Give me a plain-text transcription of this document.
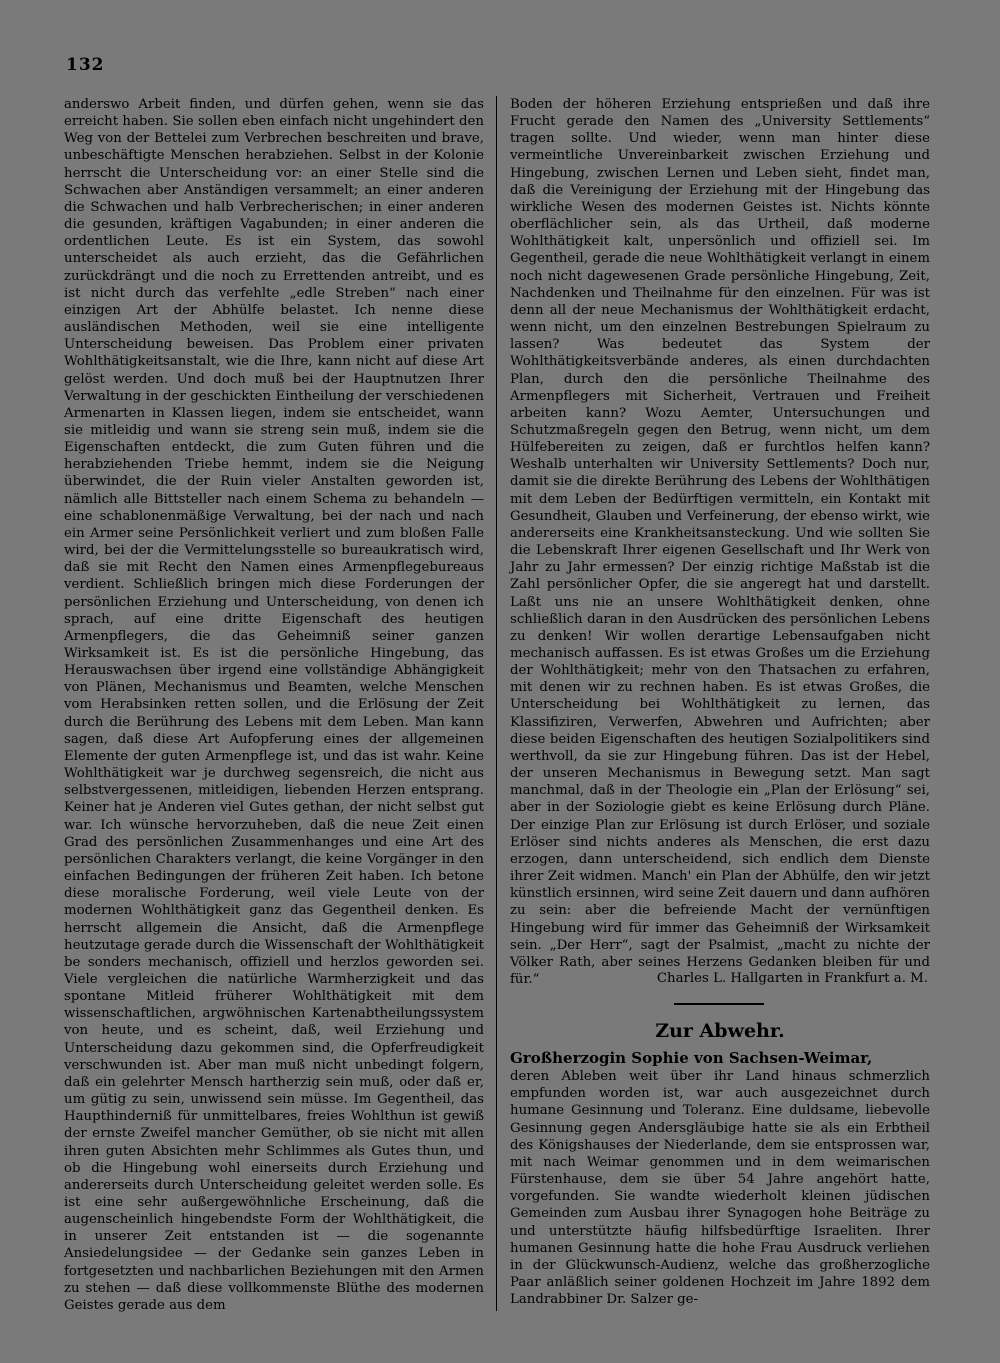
132

anderswo Arbeit finden, und dürfen gehen, wenn sie das erreicht haben. Sie sollen eben einfach nicht ungehindert den Weg von der Bettelei zum Verbrechen beschreiten und brave, unbeschäftigte Menschen herabziehen. Selbst in der Kolonie herrscht die Unterscheidung vor: an einer Stelle sind die Schwachen aber Anständigen versammelt; an einer anderen die Schwachen und halb Verbrecherischen; in einer anderen die gesunden, kräftigen Vagabunden; in einer anderen die ordentlichen Leute. Es ist ein System, das sowohl unterscheidet als auch erzieht, das die Gefährlichen zurückdrängt und die noch zu Errettenden antreibt, und es ist nicht durch das verfehlte „edle Streben“ nach einer einzigen Art der Abhülfe belastet. Ich nenne diese ausländischen Methoden, weil sie eine intelligente Unterscheidung beweisen. Das Problem einer privaten Wohlthätigkeitsanstalt, wie die Ihre, kann nicht auf diese Art gelöst werden. Und doch muß bei der Hauptnutzen Ihrer Verwaltung in der geschickten Eintheilung der verschiedenen Armenarten in Klassen liegen, indem sie entscheidet, wann sie mitleidig und wann sie streng sein muß, indem sie die Eigenschaften entdeckt, die zum Guten führen und die herabziehenden Triebe hemmt, indem sie die Neigung überwindet, die der Ruin vieler Anstalten geworden ist, nämlich alle Bittsteller nach einem Schema zu behandeln — eine schablonenmäßige Verwaltung, bei der nach und nach ein Armer seine Persönlichkeit verliert und zum bloßen Falle wird, bei der die Vermittelungsstelle so bureaukratisch wird, daß sie mit Recht den Namen eines Armenpflegebureaus verdient. Schließlich bringen mich diese Forderungen der persönlichen Erziehung und Unterscheidung, von denen ich sprach, auf eine dritte Eigenschaft des heutigen Armenpflegers, die das Geheimniß seiner ganzen Wirksamkeit ist. Es ist die persönliche Hingebung, das Herauswachsen über irgend eine vollständige Abhängigkeit von Plänen, Mechanismus und Beamten, welche Menschen vom Herabsinken retten sollen, und die Erlösung der Zeit durch die Berührung des Lebens mit dem Leben. Man kann sagen, daß diese Art Aufopferung eines der allgemeinen Elemente der guten Armenpflege ist, und das ist wahr. Keine Wohlthätigkeit war je durchweg segensreich, die nicht aus selbstvergessenen, mitleidigen, liebenden Herzen entsprang. Keiner hat je Anderen viel Gutes gethan, der nicht selbst gut war. Ich wünsche hervorzuheben, daß die neue Zeit einen Grad des persönlichen Zusammenhanges und eine Art des persönlichen Charakters verlangt, die keine Vorgänger in den einfachen Bedingungen der früheren Zeit haben. Ich betone diese moralische Forderung, weil viele Leute von der modernen Wohlthätigkeit ganz das Gegentheil denken. Es herrscht allgemein die Ansicht, daß die Armenpflege heutzutage gerade durch die Wissenschaft der Wohlthätigkeit be sonders mechanisch, offiziell und herzlos geworden sei. Viele vergleichen die natürliche Warmherzigkeit und das spontane Mitleid früherer Wohlthätigkeit mit dem wissenschaftlichen, argwöhnischen Kartenabtheilungssystem von heute, und es scheint, daß, weil Erziehung und Unterscheidung dazu gekommen sind, die Opferfreudigkeit verschwunden ist. Aber man muß nicht unbedingt folgern, daß ein gelehrter Mensch hartherzig sein muß, oder daß er, um gütig zu sein, unwissend sein müsse. Im Gegentheil, das Haupthinderniß für unmittelbares, freies Wohlthun ist gewiß der ernste Zweifel mancher Gemüther, ob sie nicht mit allen ihren guten Absichten mehr Schlimmes als Gutes thun, und ob die Hingebung wohl einerseits durch Erziehung und andererseits durch Unterscheidung geleitet werden solle. Es ist eine sehr außergewöhnliche Erscheinung, daß die augenscheinlich hingebendste Form der Wohlthätigkeit, die in unserer Zeit entstanden ist — die sogenannte Ansiedelungsidee — der Gedanke sein ganzes Leben in fortgesetzten und nachbarlichen Beziehungen mit den Armen zu stehen — daß diese vollkommenste Blüthe des modernen Geistes gerade aus dem

Boden der höheren Erziehung entsprießen und daß ihre Frucht gerade den Namen des „University Settlements“ tragen sollte. Und wieder, wenn man hinter diese vermeintliche Unvereinbarkeit zwischen Erziehung und Hingebung, zwischen Lernen und Leben sieht, findet man, daß die Vereinigung der Erziehung mit der Hingebung das wirkliche Wesen des modernen Geistes ist. Nichts könnte oberflächlicher sein, als das Urtheil, daß moderne Wohlthätigkeit kalt, unpersönlich und offiziell sei. Im Gegentheil, gerade die neue Wohlthätigkeit verlangt in einem noch nicht dagewesenen Grade persönliche Hingebung, Zeit, Nachdenken und Theilnahme für den einzelnen. Für was ist denn all der neue Mechanismus der Wohlthätigkeit erdacht, wenn nicht, um den einzelnen Bestrebungen Spielraum zu lassen? Was bedeutet das System der Wohlthätigkeitsverbände anderes, als einen durchdachten Plan, durch den die persönliche Theilnahme des Armenpflegers mit Sicherheit, Vertrauen und Freiheit arbeiten kann? Wozu Aemter, Untersuchungen und Schutzmaßregeln gegen den Betrug, wenn nicht, um dem Hülfebereiten zu zeigen, daß er furchtlos helfen kann? Weshalb unterhalten wir University Settlements? Doch nur, damit sie die direkte Berührung des Lebens der Wohlthätigen mit dem Leben der Bedürftigen vermitteln, ein Kontakt mit Gesundheit, Glauben und Verfeinerung, der ebenso wirkt, wie andererseits eine Krankheitsansteckung. Und wie sollten Sie die Lebenskraft Ihrer eigenen Gesellschaft und Ihr Werk von Jahr zu Jahr ermessen? Der einzig richtige Maßstab ist die Zahl persönlicher Opfer, die sie angeregt hat und darstellt. Laßt uns nie an unsere Wohlthätigkeit denken, ohne schließlich daran in den Ausdrücken des persönlichen Lebens zu denken! Wir wollen derartige Lebensaufgaben nicht mechanisch auffassen. Es ist etwas Großes um die Erziehung der Wohlthätigkeit; mehr von den Thatsachen zu erfahren, mit denen wir zu rechnen haben. Es ist etwas Großes, die Unterscheidung bei Wohlthätigkeit zu lernen, das Klassifiziren, Verwerfen, Abwehren und Aufrichten; aber diese beiden Eigenschaften des heutigen Sozialpolitikers sind werthvoll, da sie zur Hingebung führen. Das ist der Hebel, der unseren Mechanismus in Bewegung setzt. Man sagt manchmal, daß in der Theologie ein „Plan der Erlösung“ sei, aber in der Soziologie giebt es keine Erlösung durch Pläne. Der einzige Plan zur Erlösung ist durch Erlöser, und soziale Erlöser sind nichts anderes als Menschen, die erst dazu erzogen, dann unterscheidend, sich endlich dem Dienste ihrer Zeit widmen. Manch' ein Plan der Abhülfe, den wir jetzt künstlich ersinnen, wird seine Zeit dauern und dann aufhören zu sein: aber die befreiende Macht der vernünftigen Hingebung wird für immer das Geheimniß der Wirksamkeit sein. „Der Herr“, sagt der Psalmist, „macht zu nichte der Völker Rath, aber seines Herzens Gedanken bleiben für und für.“	Charles L. Hallgarten in Frankfurt a. M.
Zur Abwehr.

Großherzogin Sophie von Sachsen-Weimar,
deren Ableben weit über ihr Land hinaus schmerzlich empfunden worden ist, war auch ausgezeichnet durch humane Gesinnung und Toleranz. Eine duldsame, liebevolle Gesinnung gegen Andersgläubige hatte sie als ein Erbtheil des Königshauses der Niederlande, dem sie entsprossen war, mit nach Weimar genommen und in dem weimarischen Fürstenhause, dem sie über 54 Jahre angehört hatte, vorgefunden. Sie wandte wiederholt kleinen jüdischen Gemeinden zum Ausbau ihrer Synagogen hohe Beiträge zu und unterstützte häufig hilfsbedürftige Israeliten. Ihrer humanen Gesinnung hatte die hohe Frau Ausdruck verliehen in der Glückwunsch-Audienz, welche das großherzogliche Paar anläßlich seiner goldenen Hochzeit im Jahre 1892 dem Landrabbiner Dr. Salzer ge-
